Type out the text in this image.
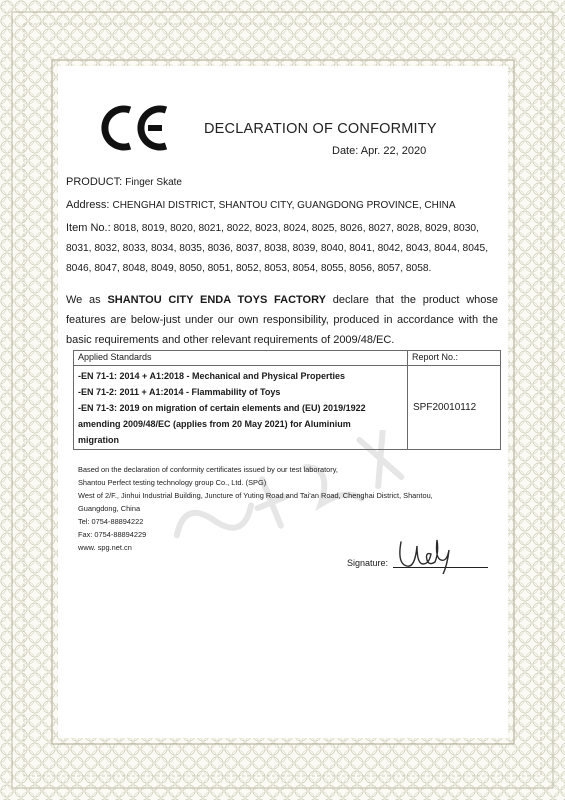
DECLARATION OF CONFORMITY
Date: Apr. 22, 2020
PRODUCT: Finger Skate
Address: CHENGHAI DISTRICT, SHANTOU CITY, GUANGDONG PROVINCE, CHINA
Item No.: 8018, 8019, 8020, 8021, 8022, 8023, 8024, 8025, 8026, 8027, 8028, 8029, 8030,
8031, 8032, 8033, 8034, 8035, 8036, 8037, 8038, 8039, 8040, 8041, 8042, 8043, 8044, 8045,
8046, 8047, 8048, 8049, 8050, 8051, 8052, 8053, 8054, 8055, 8056, 8057, 8058.
We as SHANTOU CITY ENDA TOYS FACTORY declare that the product whose features are below-just under our own responsibility, produced in accordance with the basic requirements and other relevant requirements of 2009/48/EC.
Applied Standards	Report No.:

-EN 71-1: 2014 + A1:2018 - Mechanical and Physical Properties
-EN 71-2: 2011 + A1:2014 - Flammability of Toys
-EN 71-3: 2019 on migration of certain elements and (EU) 2019/1922
amending 2009/48/EC (applies from 20 May 2021) for Aluminium
migration	SPF20010112
Based on the declaration of conformity certificates issued by our test laboratory,
Shantou Perfect testing technology group Co., Ltd. (SPG)
West of 2/F., Jinhui Industrial Building, Juncture of Yuting Road and Tai'an Road, Chenghai District, Shantou,
Guangdong, China
Tel: 0754-88894222
Fax: 0754-88894229
www. spg.net.cn
Signature:
